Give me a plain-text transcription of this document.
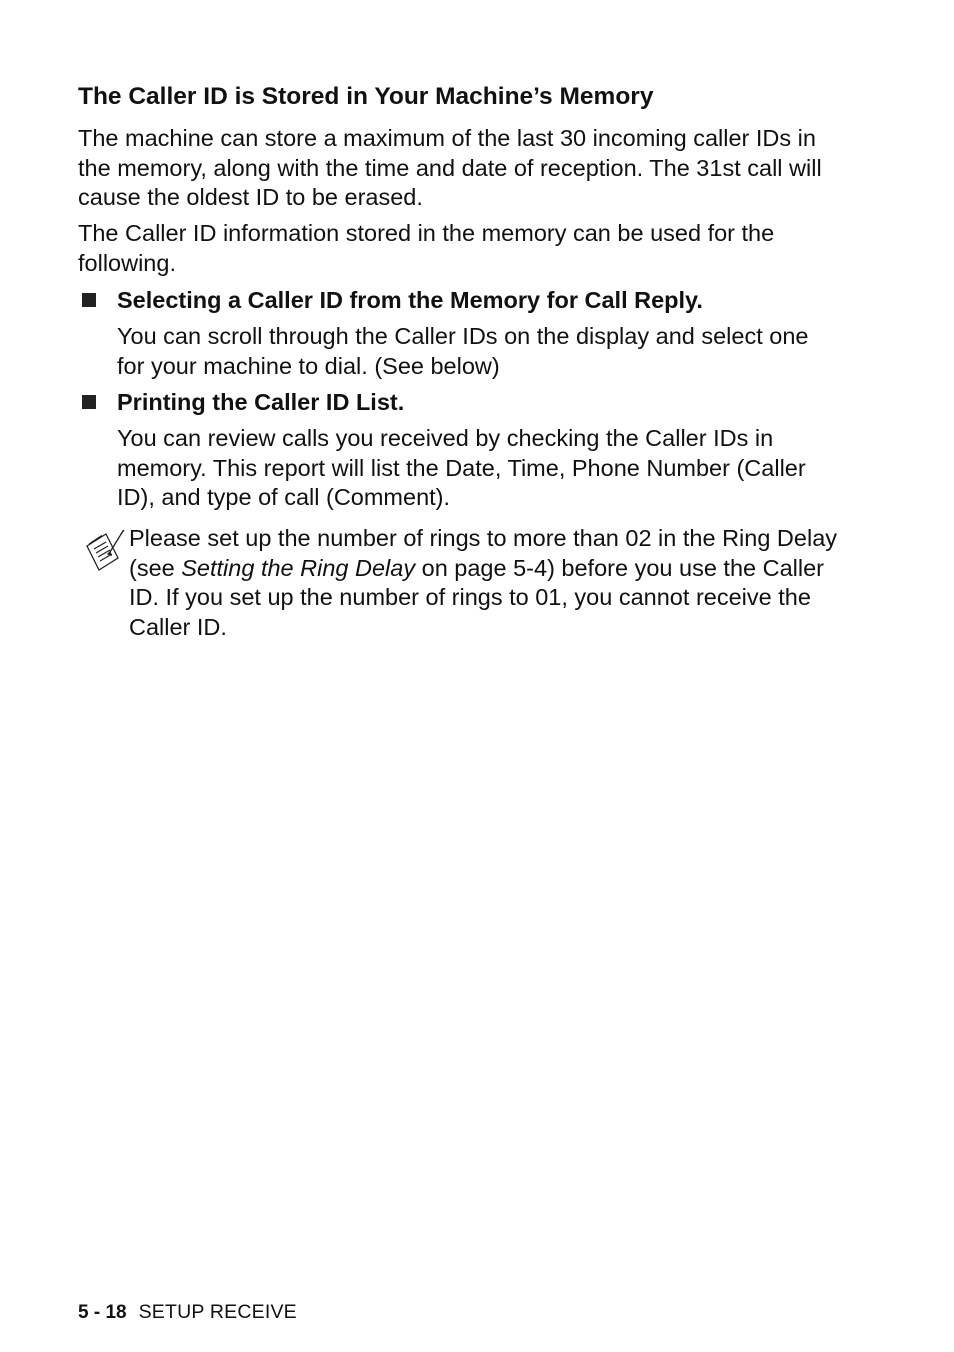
The Caller ID is Stored in Your Machine’s Memory

The machine can store a maximum of the last 30 incoming caller IDs in the memory, along with the time and date of reception. The 31st call will cause the oldest ID to be erased.

The Caller ID information stored in the memory can be used for the following.

Selecting a Caller ID from the Memory for Call Reply.

You can scroll through the Caller IDs on the display and select one for your machine to dial. (See below)

Printing the Caller ID List.

You can review calls you received by checking the Caller IDs in memory. This report will list the Date, Time, Phone Number (Caller ID), and type of call (Comment).

Please set up the number of rings to more than 02 in the Ring Delay (see Setting the Ring Delay on page 5-4) before you use the Caller ID. If you set up the number of rings to 01, you cannot receive the Caller ID.

5 - 18 SETUP RECEIVE
